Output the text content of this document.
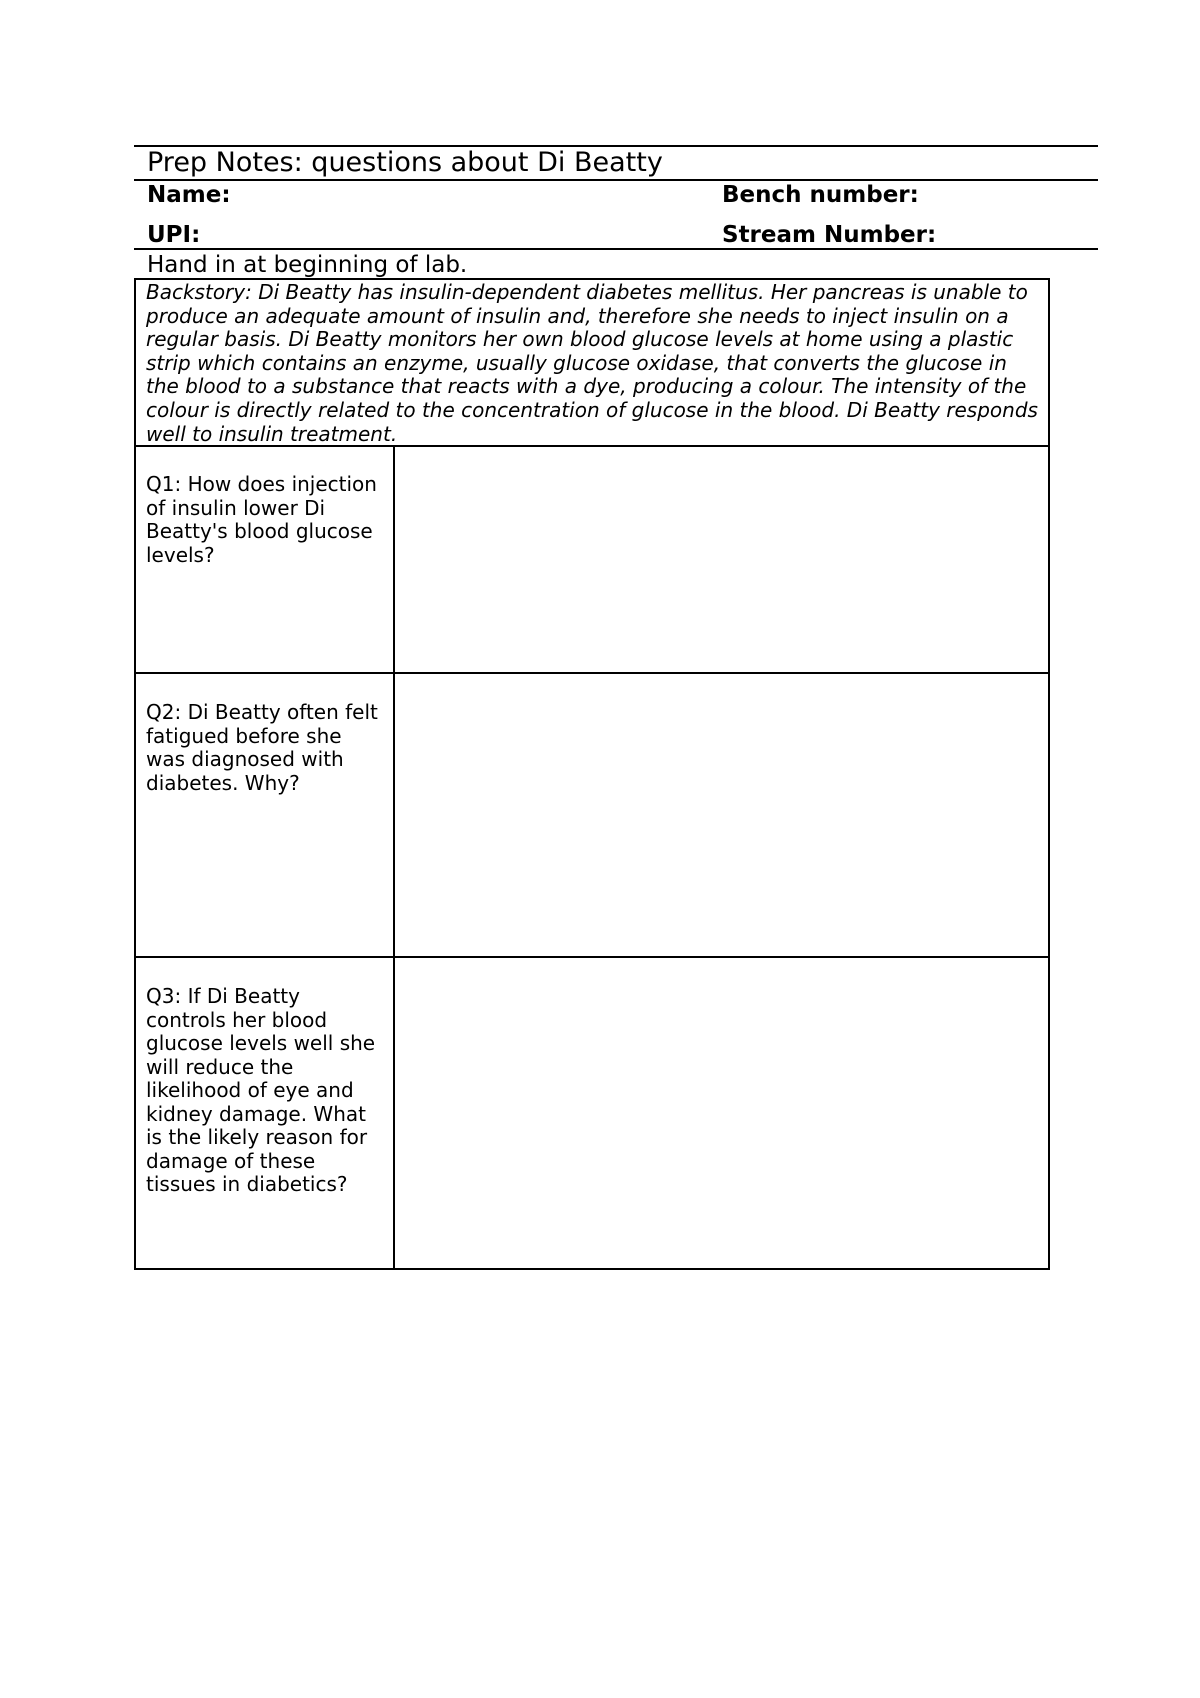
Prep Notes: questions about Di Beatty
Name:	Bench number:
UPI:	Stream Number:
Hand in at beginning of lab.
Backstory: Di Beatty has insulin-dependent diabetes mellitus. Her pancreas is unable to produce an adequate amount of insulin and, therefore she needs to inject insulin on a regular basis. Di Beatty monitors her own blood glucose levels at home using a plastic strip which contains an enzyme, usually glucose oxidase, that converts the glucose in the blood to a substance that reacts with a dye, producing a colour. The intensity of the colour is directly related to the concentration of glucose in the blood. Di Beatty responds well to insulin treatment.
Q1: How does injection of insulin lower Di Beatty's blood glucose levels?
Q2: Di Beatty often felt fatigued before she was diagnosed with diabetes. Why?
Q3: If Di Beatty controls her blood glucose levels well she will reduce the likelihood of eye and kidney damage. What is the likely reason for damage of these tissues in diabetics?
